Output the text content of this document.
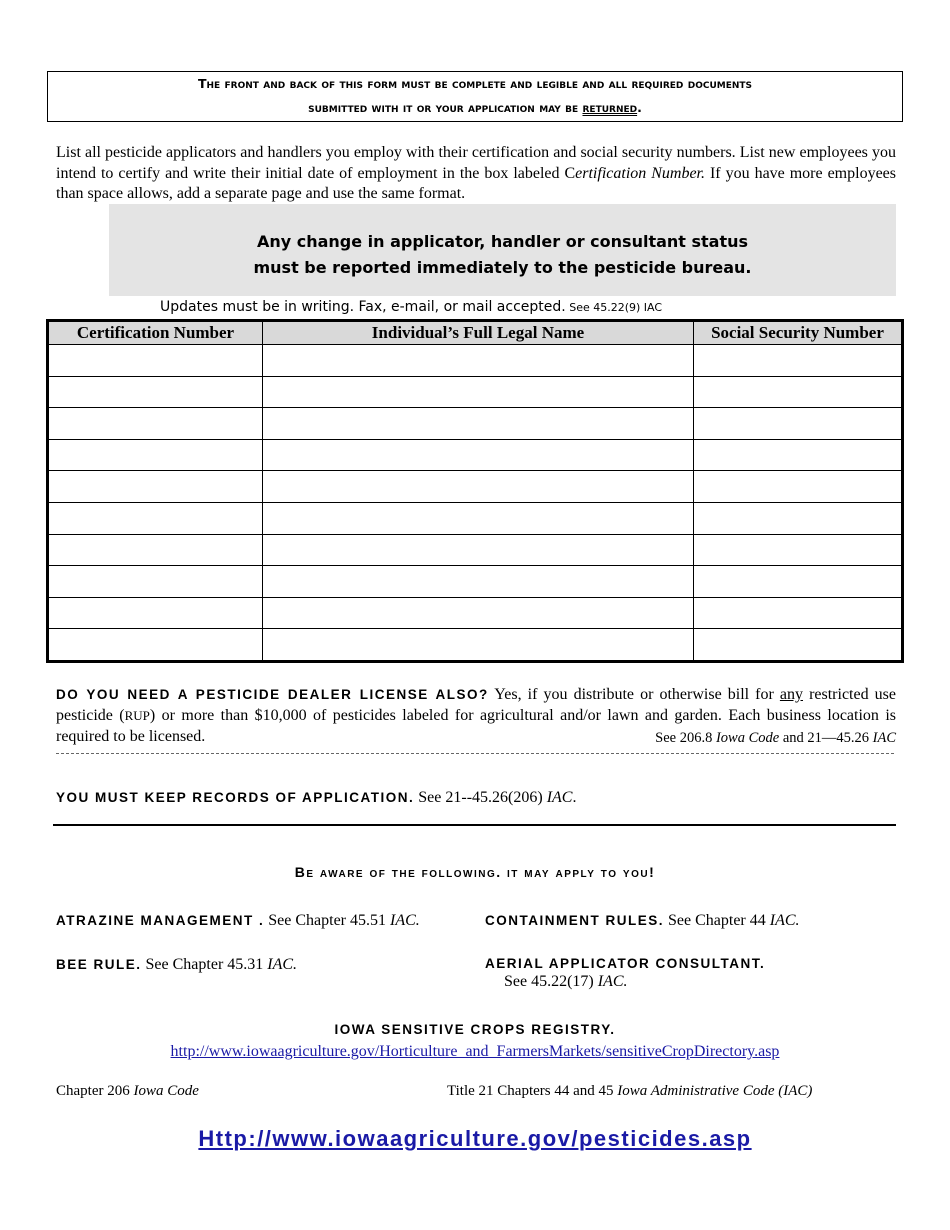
The front and back of this form must be complete and legible and all required documents
submitted with it or your application may be returned.
List all pesticide applicators and handlers you employ with their certification and social security numbers. List new employees you intend to certify and write their initial date of employment in the box labeled Certification Number. If you have more employees than space allows, add a separate page and use the same format.
Any change in applicator, handler or consultant status
must be reported immediately to the pesticide bureau.
Updates must be in writing. Fax, e-mail, or mail accepted. See 45.22(9) IAC
Certification Number	Individual’s Full Legal Name	Social Security Number

DO YOU NEED A PESTICIDE DEALER LICENSE ALSO? Yes, if you distribute or otherwise bill for any restricted use pesticide (RUP) or more than $10,000 of pesticides labeled for agricultural and/or lawn and garden. Each business location is required to be licensed.	See 206.8 Iowa Code and 21—45.26 IAC
YOU MUST KEEP RECORDS OF APPLICATION. See 21--45.26(206) IAC.
Be aware of the following. it may apply to you!
ATRAZINE MANAGEMENT . See Chapter 45.51 IAC.	CONTAINMENT RULES. See Chapter 44 IAC.
BEE RULE. See Chapter 45.31 IAC.	AERIAL APPLICATOR CONSULTANT.
See 45.22(17) IAC.
IOWA SENSITIVE CROPS REGISTRY.
http://www.iowaagriculture.gov/Horticulture_and_FarmersMarkets/sensitiveCropDirectory.asp
Chapter 206 Iowa Code	Title 21 Chapters 44 and 45 Iowa Administrative Code (IAC)
Http://www.iowaagriculture.gov/pesticides.asp
